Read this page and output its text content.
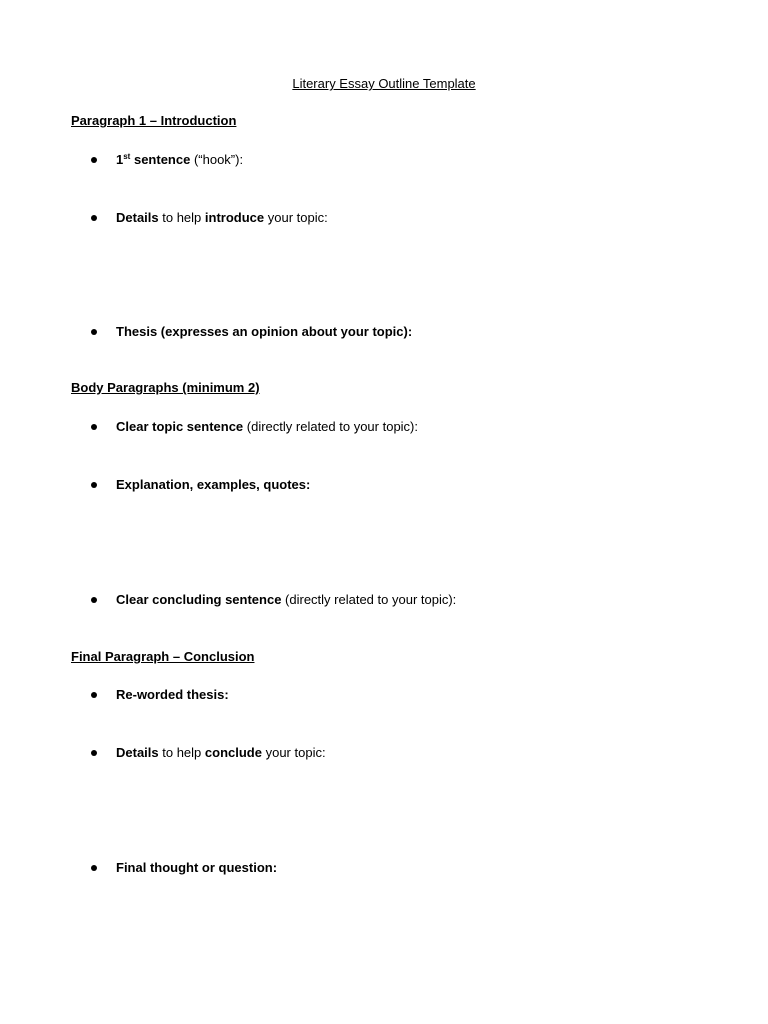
Literary Essay Outline Template
Paragraph 1 – Introduction
1st sentence (“hook”):
Details to help introduce your topic:
Thesis (expresses an opinion about your topic):
Body Paragraphs (minimum 2)
Clear topic sentence (directly related to your topic):
Explanation, examples, quotes:
Clear concluding sentence (directly related to your topic):
Final Paragraph – Conclusion
Re-worded thesis:
Details to help conclude your topic:
Final thought or question:
